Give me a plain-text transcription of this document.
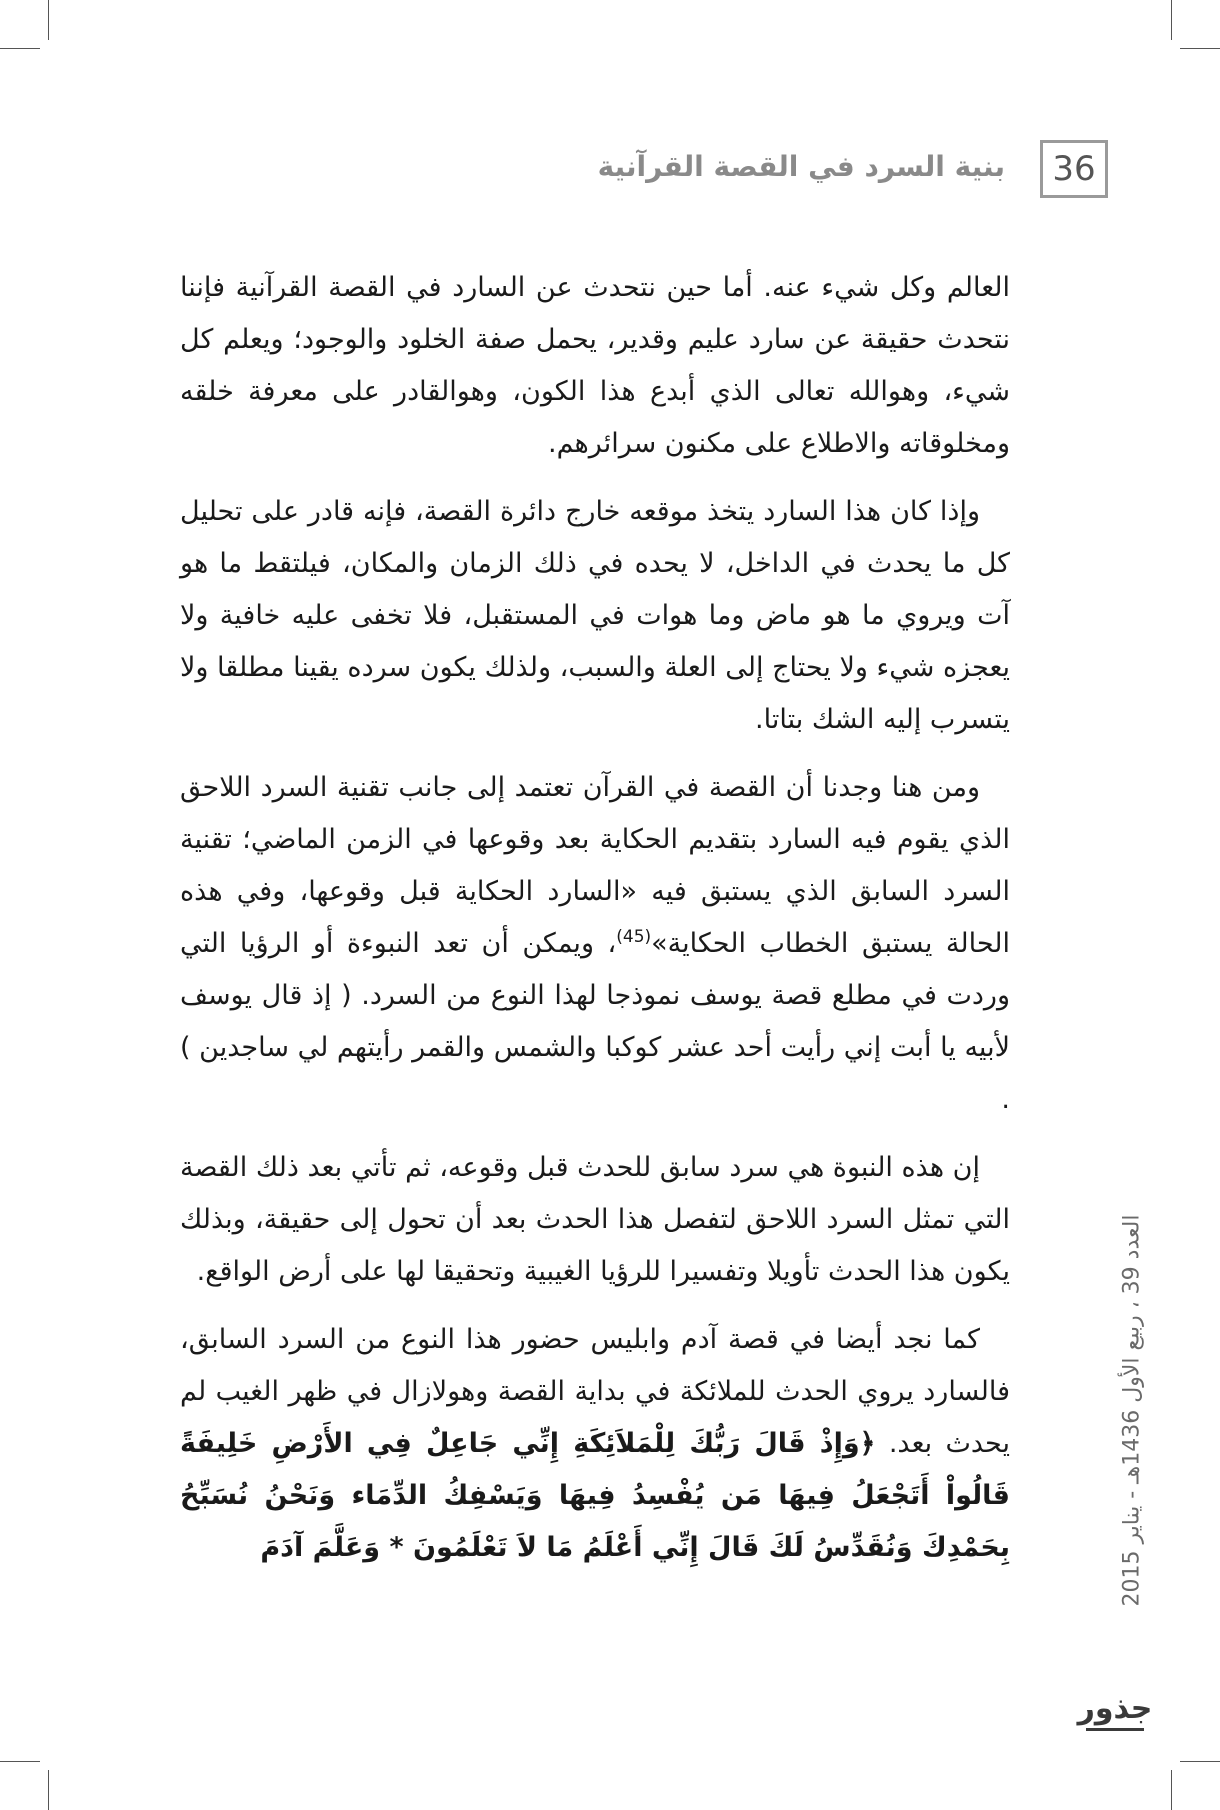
36
بنية السرد في القصة القرآنية

العالم وكل شيء عنه. أما حين نتحدث عن السارد في القصة القرآنية فإننا نتحدث حقيقة عن سارد عليم وقدير، يحمل صفة الخلود والوجود؛ ويعلم كل شيء، وهوالله تعالى الذي أبدع هذا الكون، وهوالقادر على معرفة خلقه ومخلوقاته والاطلاع على مكنون سرائرهم.

وإذا كان هذا السارد يتخذ موقعه خارج دائرة القصة، فإنه قادر على تحليل كل ما يحدث في الداخل، لا يحده في ذلك الزمان والمكان، فيلتقط ما هو آت ويروي ما هو ماض وما هوات في المستقبل، فلا تخفى عليه خافية ولا يعجزه شيء ولا يحتاج إلى العلة والسبب، ولذلك يكون سرده يقينا مطلقا ولا يتسرب إليه الشك بتاتا.

ومن هنا وجدنا أن القصة في القرآن تعتمد إلى جانب تقنية السرد اللاحق الذي يقوم فيه السارد بتقديم الحكاية بعد وقوعها في الزمن الماضي؛ تقنية السرد السابق الذي يستبق فيه «السارد الحكاية قبل وقوعها، وفي هذه الحالة يستبق الخطاب الحكاية»$^{(45)}$، ويمكن أن تعد النبوءة أو الرؤيا التي وردت في مطلع قصة يوسف نموذجا لهذا النوع من السرد. ( إذ قال يوسف لأبيه يا أبت إني رأيت أحد عشر كوكبا والشمس والقمر رأيتهم لي ساجدين ) .

إن هذه النبوة هي سرد سابق للحدث قبل وقوعه، ثم تأتي بعد ذلك القصة التي تمثل السرد اللاحق لتفصل هذا الحدث بعد أن تحول إلى حقيقة، وبذلك يكون هذا الحدث تأويلا وتفسيرا للرؤيا الغيبية وتحقيقا لها على أرض الواقع.

كما نجد أيضا في قصة آدم وابليس حضور هذا النوع من السرد السابق، فالسارد يروي الحدث للملائكة في بداية القصة وهولازال في ظهر الغيب لم يحدث بعد. ﴿وَإِذْ قَالَ رَبُّكَ لِلْمَلاَئِكَةِ إِنِّي جَاعِلٌ فِي الأَرْضِ خَلِيفَةً قَالُواْ أَتَجْعَلُ فِيهَا مَن يُفْسِدُ فِيهَا وَيَسْفِكُ الدِّمَاء وَنَحْنُ نُسَبِّحُ بِحَمْدِكَ وَنُقَدِّسُ لَكَ قَالَ إِنِّي أَعْلَمُ مَا لاَ تَعْلَمُونَ * وَعَلَّمَ آدَمَ

العدد 39 ، ربيع الأول 1436هـ - يناير 2015
جذور
